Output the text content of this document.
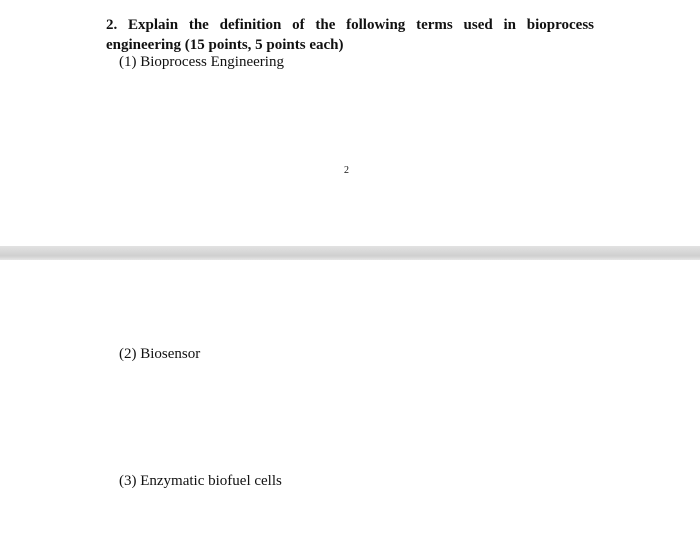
2. Explain the definition of the following terms used in bioprocess engineering (15 points, 5 points each)

(1) Bioprocess Engineering
2
(2) Biosensor
(3) Enzymatic biofuel cells
